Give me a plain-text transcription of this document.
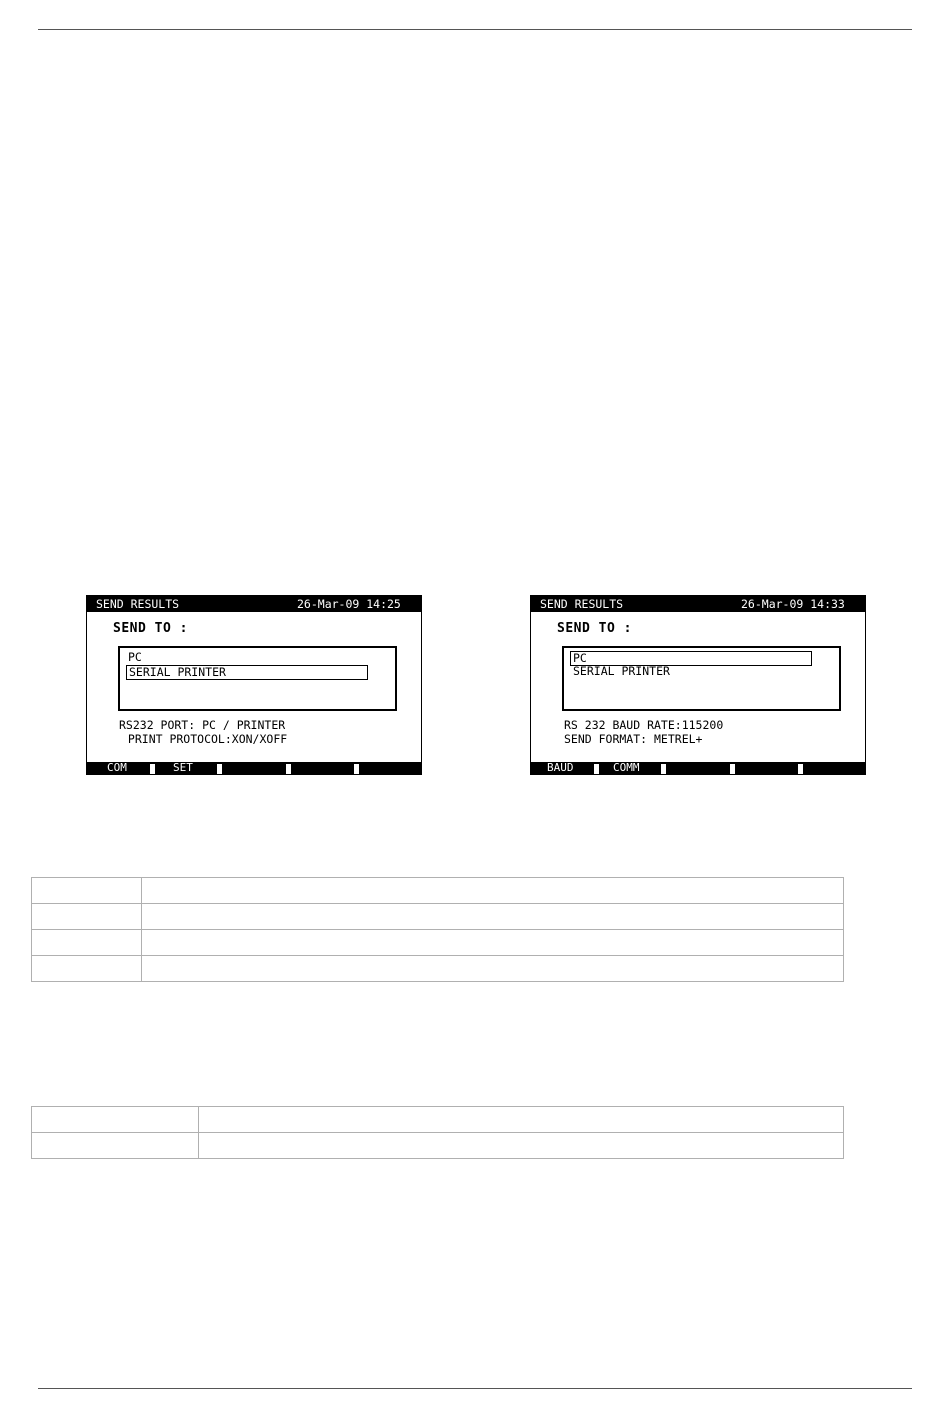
SEND RESULTS	26-Mar-09 14:25
SEND TO :
PC
SERIAL PRINTER
RS232 PORT: PC / PRINTER
PRINT PROTOCOL:XON/XOFF
COM	SET
SEND RESULTS	26-Mar-09 14:33
SEND TO :
PC
SERIAL PRINTER
RS 232 BAUD RATE:115200
SEND FORMAT: METREL+
BAUD	COMM
